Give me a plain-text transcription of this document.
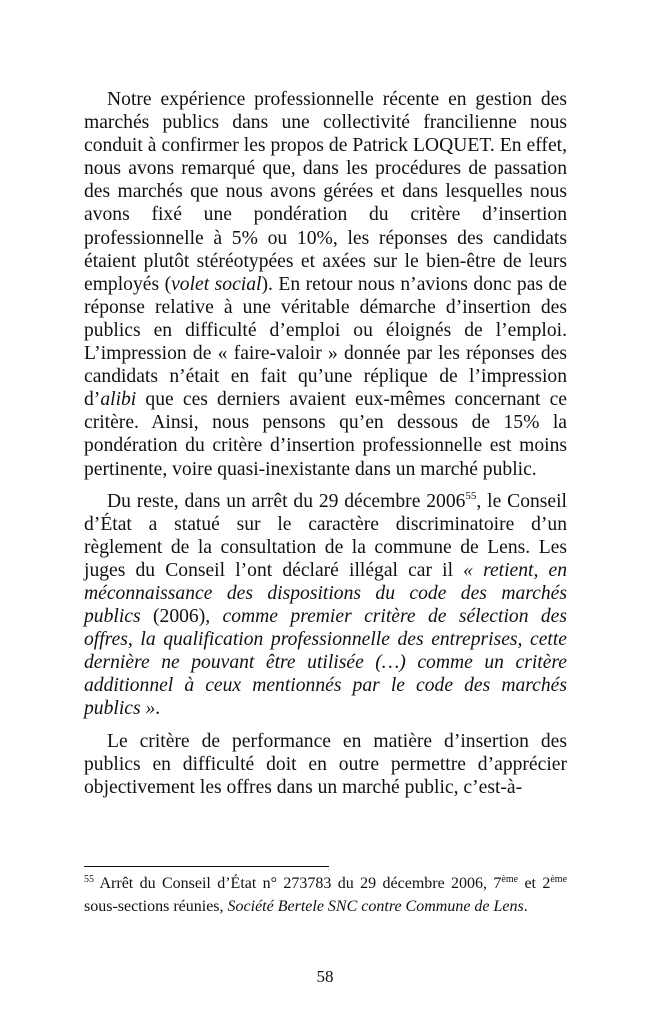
Notre expérience professionnelle récente en gestion des marchés publics dans une collectivité francilienne nous conduit à confirmer les propos de Patrick LOQUET. En effet, nous avons remarqué que, dans les procédures de passation des marchés que nous avons gérées et dans lesquelles nous avons fixé une pondération du critère d’insertion professionnelle à 5% ou 10%, les réponses des candidats étaient plutôt stéréotypées et axées sur le bien-être de leurs employés (volet social). En retour nous n’avions donc pas de réponse relative à une véritable démarche d’insertion des publics en difficulté d’emploi ou éloignés de l’emploi. L’impression de « faire-valoir » donnée par les réponses des candidats n’était en fait qu’une réplique de l’impression d’alibi que ces derniers avaient eux-mêmes concernant ce critère. Ainsi, nous pensons qu’en dessous de 15% la pondération du critère d’insertion professionnelle est moins pertinente, voire quasi-inexistante dans un marché public.

Du reste, dans un arrêt du 29 décembre 2006$^{55}$, le Conseil d’État a statué sur le caractère discriminatoire d’un règlement de la consultation de la commune de Lens. Les juges du Conseil l’ont déclaré illégal car il « retient, en méconnaissance des dispositions du code des marchés publics (2006), comme premier critère de sélection des offres, la qualification professionnelle des entreprises, cette dernière ne pouvant être utilisée (…) comme un critère additionnel à ceux mentionnés par le code des marchés publics ».

Le critère de performance en matière d’insertion des publics en difficulté doit en outre permettre d’apprécier objectivement les offres dans un marché public, c’est-à-

$^{55}$ Arrêt du Conseil d’État n° 273783 du 29 décembre 2006, 7ème et 2ème sous-sections réunies, Société Bertele SNC contre Commune de Lens.
58
